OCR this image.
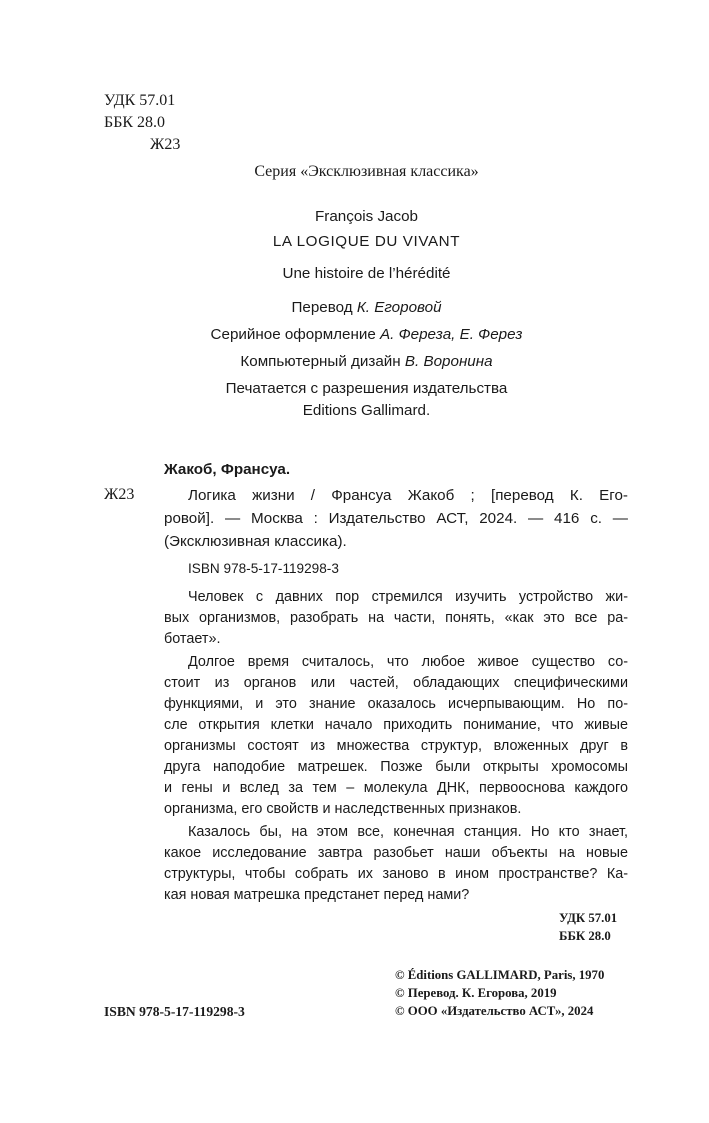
УДК 57.01
ББК 28.0
Ж23
Серия «Эксклюзивная классика»
François Jacob
LA LOGIQUE DU VIVANT
Une histoire de l’hérédité
Перевод К. Егоровой
Серийное оформление А. Фереза, Е. Ферез
Компьютерный дизайн В. Воронина
Печатается с разрешения издательства
Editions Gallimard.
Жакоб, Франсуа.
Ж23	Логика жизни / Франсуа Жакоб ; [перевод К. Его-
ровой]. — Москва : Издательство АСТ, 2024. — 416 с. —
(Эксклюзивная классика).
ISBN 978-5-17-119298-3
Человек с давних пор стремился изучить устройство жи-
вых организмов, разобрать на части, понять, «как это все ра-
ботает».
Долгое время считалось, что любое живое существо со-
стоит из органов или частей, обладающих специфическими
функциями, и это знание оказалось исчерпывающим. Но по-
сле открытия клетки начало приходить понимание, что живые
организмы состоят из множества структур, вложенных друг в
друга наподобие матрешек. Позже были открыты хромосомы
и гены и вслед за тем – молекула ДНК, первооснова каждого
организма, его свойств и наследственных признаков.
Казалось бы, на этом все, конечная станция. Но кто знает,
какое исследование завтра разобьет наши объекты на новые
структуры, чтобы собрать их заново в ином пространстве? Ка-
кая новая матрешка предстанет перед нами?
УДК 57.01
ББК 28.0
ISBN 978-5-17-119298-3
© Éditions GALLIMARD, Paris, 1970
© Перевод. К. Егорова, 2019
© ООО «Издательство АСТ», 2024
